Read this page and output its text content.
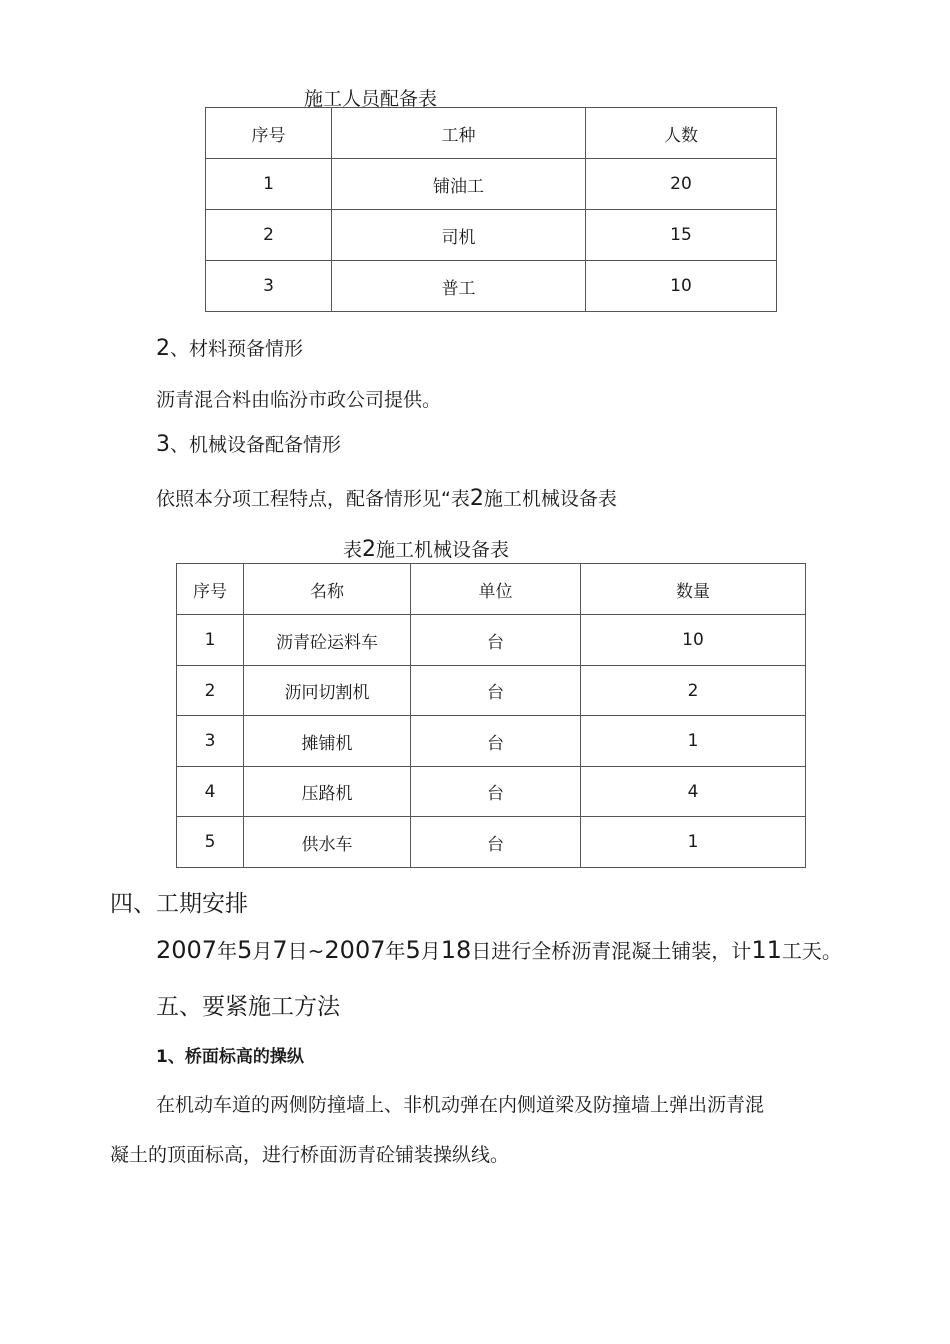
施工人员配备表
序号	工种	人数
1	铺油工	20
2	司机	15
3	普工	10
2、材料预备情形
沥青混合料由临汾市政公司提供。
3、机械设备配备情形
依照本分项工程特点，配备情形见“表2施工机械设备表
表2施工机械设备表
序号	名称	单位	数量
1	沥青砼运料车	台	10
2	沥冋切割机	台	2
3	摊铺机	台	1
4	压路机	台	4
5	供水车	台	1
四、工期安排
2007年5月7日~2007年5月18日进行全桥沥青混凝土铺装，计11工天。
五、要紧施工方法
1、桥面标高的操纵
在机动车道的两侧防撞墙上、非机动弹在内侧道梁及防撞墙上弹出沥青混
凝土的顶面标高，进行桥面沥青砼铺装操纵线。
